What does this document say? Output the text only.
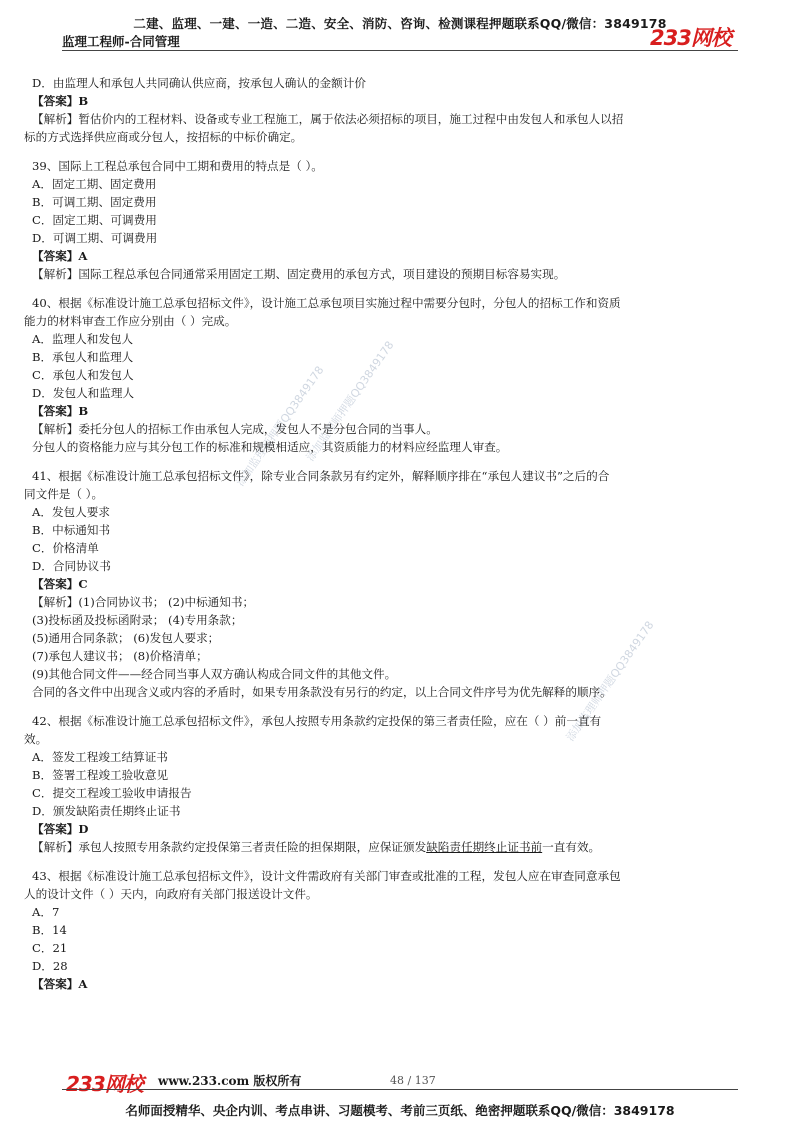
二建、监理、一建、一造、二造、安全、消防、咨询、检测课程押题联系QQ/微信：3849178
监理工程师-合同管理	233网校
添加监理师押题QQ3849178
添加监理师押题QQ3849178
添加监理师押题QQ3849178
D．由监理人和承包人共同确认供应商，按承包人确认的金额计价
【答案】B
【解析】暂估价内的工程材料、设备或专业工程施工，属于依法必须招标的项目，施工过程中由发包人和承包人以招
标的方式选择供应商或分包人，按招标的中标价确定。
39、国际上工程总承包合同中工期和费用的特点是（ ）。
A．固定工期、固定费用
B．可调工期、固定费用
C．固定工期、可调费用
D．可调工期、可调费用
【答案】A
【解析】国际工程总承包合同通常采用固定工期、固定费用的承包方式，项目建设的预期目标容易实现。
40、根据《标准设计施工总承包招标文件》，设计施工总承包项目实施过程中需要分包时，分包人的招标工作和资质
能力的材料审查工作应分别由（ ）完成。
A．监理人和发包人
B．承包人和监理人
C．承包人和发包人
D．发包人和监理人
【答案】B
【解析】委托分包人的招标工作由承包人完成，发包人不是分包合同的当事人。
分包人的资格能力应与其分包工作的标准和规模相适应，其资质能力的材料应经监理人审查。
41、根据《标准设计施工总承包招标文件》，除专业合同条款另有约定外，解释顺序排在“承包人建议书”之后的合
同文件是（ ）。
A．发包人要求
B．中标通知书
C．价格清单
D．合同协议书
【答案】C
【解析】(1)合同协议书； (2)中标通知书；
(3)投标函及投标函附录； (4)专用条款；
(5)通用合同条款； (6)发包人要求；
(7)承包人建议书； (8)价格清单；
(9)其他合同文件——经合同当事人双方确认构成合同文件的其他文件。
合同的各文件中出现含义或内容的矛盾时，如果专用条款没有另行的约定，以上合同文件序号为优先解释的顺序。
42、根据《标准设计施工总承包招标文件》，承包人按照专用条款约定投保的第三者责任险，应在（ ）前一直有
效。
A．签发工程竣工结算证书
B．签署工程竣工验收意见
C．提交工程竣工验收申请报告
D．颁发缺陷责任期终止证书
【答案】D
【解析】承包人按照专用条款约定投保第三者责任险的担保期限，应保证颁发缺陷责任期终止证书前一直有效。
43、根据《标准设计施工总承包招标文件》，设计文件需政府有关部门审查或批准的工程，发包人应在审查同意承包
人的设计文件（ ）天内，向政府有关部门报送设计文件。
A．7
B．14
C．21
D．28
【答案】A
233网校 www.233.com 版权所有	48 / 137
名师面授精华、央企内训、考点串讲、习题模考、考前三页纸、绝密押题联系QQ/微信：3849178
